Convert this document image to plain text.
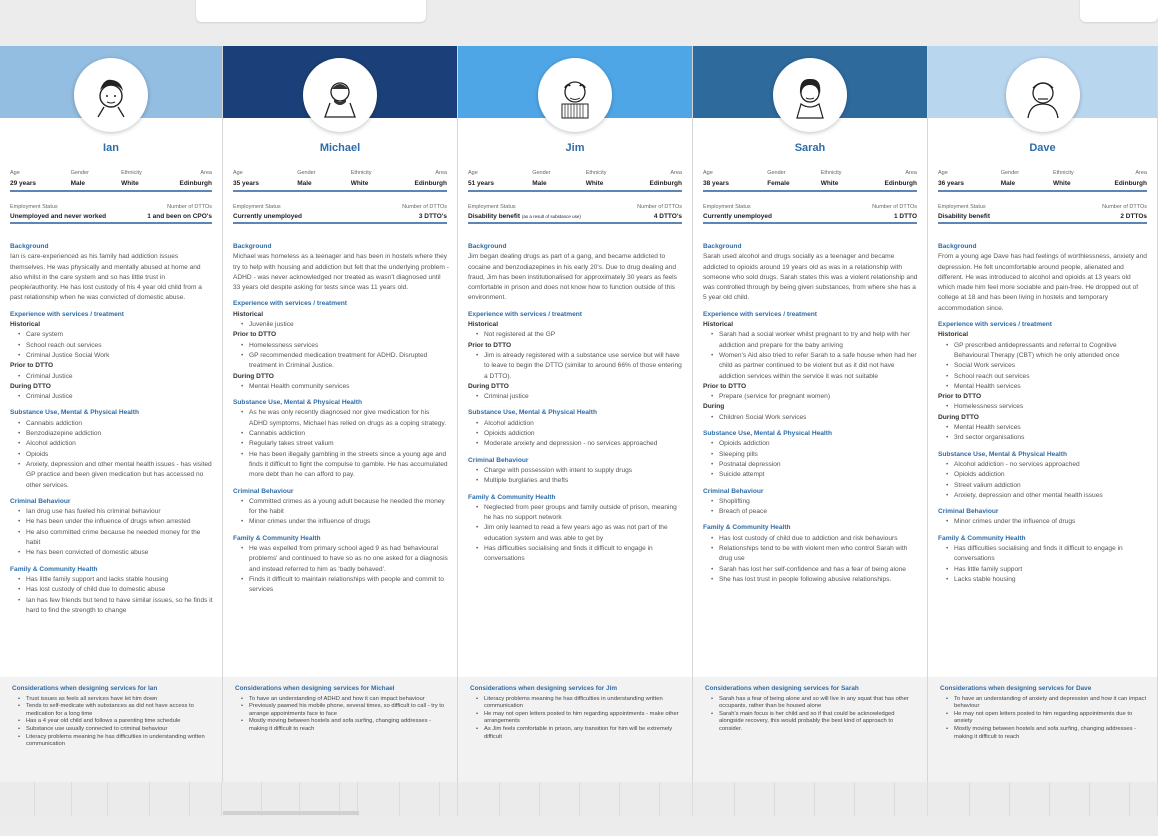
Ian
Age
29 years
Gender
Male
Ethnicity
White
Area
Edinburgh
Employment Status	Number of DTTOs
Unemployed and never worked	1 and been on CPO's
Background
Ian is care-experienced as his family had addiction issues themselves. He was physically and mentally abused at home and also whilst in the care system and so has little trust in people/authority. He has lost custody of his 4 year old child from a past relationship when he was convicted of domestic abuse.
Experience with services / treatment
Historical
• Care system
• School reach out services
• Criminal Justice Social Work
Prior to DTTO
• Criminal Justice
During DTTO
• Criminal Justice
Substance Use, Mental & Physical Health
• Cannabis addiction
• Benzodiazepine addiction
• Alcohol addiction
• Opioids
• Anxiety, depression and other mental health issues - has visited GP practice and been given medication but has accessed no other services.
Criminal Behaviour
• Ian drug use has fueled his criminal behaviour
• He has been under the influence of drugs when arrested
• He also committed crime because he needed money for the habit
• He has been convicted of domestic abuse
Family & Community Health
• Has little family support and lacks stable housing
• Has lost custody of child due to domestic abuse
• Ian has few friends but tend to have similar issues, so he finds it hard to find the strength to change
Considerations when designing services for Ian
• Trust issues as feels all services have let him down
• Tends to self-medicate with substances as did not have access to medication for a long time
• Has a 4 year old child and follows a parenting time schedule
• Substance use usually connected to criminal behaviour
• Literacy problems meaning he has difficulties in understanding written communication
Michael
Age
35 years
Gender
Male
Ethnicity
White
Area
Edinburgh
Employment Status	Number of DTTOs
Currently unemployed	3 DTTO's
Background
Michael was homeless as a teenager and has been in hostels where they try to help with housing and addiction but felt that the underlying problem - ADHD - was never acknowledged nor treated as wasn't diagnosed until 33 years old despite asking for tests since was 11 years old.
Experience with services / treatment
Historical
• Juvenile justice
Prior to DTTO
• Homelessness services
• GP recommended medication treatment for ADHD. Disrupted treatment in Criminal Justice.
During DTTO
• Mental Health community services
Substance Use, Mental & Physical Health
• As he was only recently diagnosed nor give medication for his ADHD symptoms, Michael has relied on drugs as a coping strategy.
• Cannabis addiction
• Regularly takes street valium
• He has been illegally gambling in the streets since a young age and finds it difficult to fight the compulse to gamble. He has accumulated more debt than he can afford to pay.
Criminal Behaviour
• Committed crimes as a young adult because he needed the money for the habit
• Minor crimes under the influence of drugs
Family & Community Health
• He was expelled from primary school aged 9 as had 'behavioural problems' and continued to have so as no one asked for a diagnosis and instead referred to him as 'badly behaved'.
• Finds it difficult to maintain relationships with people and commit to services
Considerations when designing services for Michael
• To have an understanding of ADHD and how it can impact behaviour
• Previously pawned his mobile phone, several times, so difficult to call - try to arrange appointments face to face
• Mostly moving between hostels and sofa surfing, changing addresses - making it difficult to reach
Jim
Age
51 years
Gender
Male
Ethnicity
White
Area
Edinburgh
Employment Status	Number of DTTOs
Disability benefit (as a result of substance use)	4 DTTO's
Background
Jim began dealing drugs as part of a gang, and became addicted to cocaine and benzodiazepines in his early 20's. Due to drug dealing and fraud, Jim has been institutionalised for approximately 30 years as feels comfortable in prison and does not know how to function outside of this environment.
Experience with services / treatment
Historical
• Not registered at the GP
Prior to DTTO
• Jim is already registered with a substance use service but will have to leave to begin the DTTO (similar to around 66% of those entering a DTTO).
During DTTO
• Criminal justice
Substance Use, Mental & Physical Health
• Alcohol addiction
• Opioids addiction
• Moderate anxiety and depression - no services approached
Criminal Behaviour
• Charge with possession with intent to supply drugs
• Multiple burglaries and thefts
Family & Community Health
• Neglected from peer groups and family outside of prison, meaning he has no support network
• Jim only learned to read a few years ago as was not part of the education system and was able to get by
• Has difficulties socialising and finds it difficult to engage in conversations
Considerations when designing services for Jim
• Literacy problems meaning he has difficulties in understanding written communication
• He may not open letters posted to him regarding appointments - make other arrangements
• As Jim feels comfortable in prison, any transition for him will be extremely difficult
Sarah
Age
38 years
Gender
Female
Ethnicity
White
Area
Edinburgh
Employment Status	Number of DTTOs
Currently unemployed	1 DTTO
Background
Sarah used alcohol and drugs socially as a teenager and became addicted to opioids around 19 years old as was in a relationship with someone who sold drugs. Sarah states this was a violent relationship and was controlled through by being given substances, from where she has a 5 year old child.
Experience with services / treatment
Historical
• Sarah had a social worker whilst pregnant to try and help with her addiction and prepare for the baby arriving
• Women's Aid also tried to refer Sarah to a safe house when had her child as partner continued to be violent but as it did not have addiction services within the service it was not suitable
Prior to DTTO
• Prepare (service for pregnant women)
During
• Children Social Work services
Substance Use, Mental & Physical Health
• Opioids addiction
• Sleeping pills
• Postnatal depression
• Suicide attempt
Criminal Behaviour
• Shoplifting
• Breach of peace
Family & Community Health
• Has lost custody of child due to addiction and risk behaviours
• Relationships tend to be with violent men who control Sarah with drug use
• Sarah has lost her self-confidence and has a fear of being alone
• She has lost trust in people following abusive relationships.
Considerations when designing services for Sarah
• Sarah has a fear of being alone and so will live in any squat that has other occupants, rather than be housed alone
• Sarah's main focus is her child and so if that could be acknowledged alongside recovery, this would probably the best kind of approach to consider.
Dave
Age
36 years
Gender
Male
Ethnicity
White
Area
Edinburgh
Employment Status	Number of DTTOs
Disability benefit	2 DTTOs
Background
From a young age Dave has had feelings of worthlessness, anxiety and depression. He felt uncomfortable around people, alienated and different. He was introduced to alcohol and opioids at 13 years old which made him feel more sociable and pain-free. He dropped out of college at 18 and has been living in hostels and temporary accommodation since.
Experience with services / treatment
Historical
• GP prescribed antidepressants and referral to Cognitive Behavioural Therapy (CBT) which he only attended once
• Social Work services
• School reach out services
• Mental Health services
Prior to DTTO
• Homelessness services
During DTTO
• Mental Health services
• 3rd sector organisations
Substance Use, Mental & Physical Health
• Alcohol addiction - no services approached
• Opioids addiction
• Street valium addiction
• Anxiety, depression and other mental health issues
Criminal Behaviour
• Minor crimes under the influence of drugs
Family & Community Health
• Has difficulties socialising and finds it difficult to engage in conversations
• Has little family support
• Lacks stable housing
Considerations when designing services for Dave
• To have an understanding of anxiety and depression and how it can impact behaviour
• He may not open letters posted to him regarding appointments due to anxiety
• Mostly moving between hostels and sofa surfing, changing addresses - making it difficult to reach
